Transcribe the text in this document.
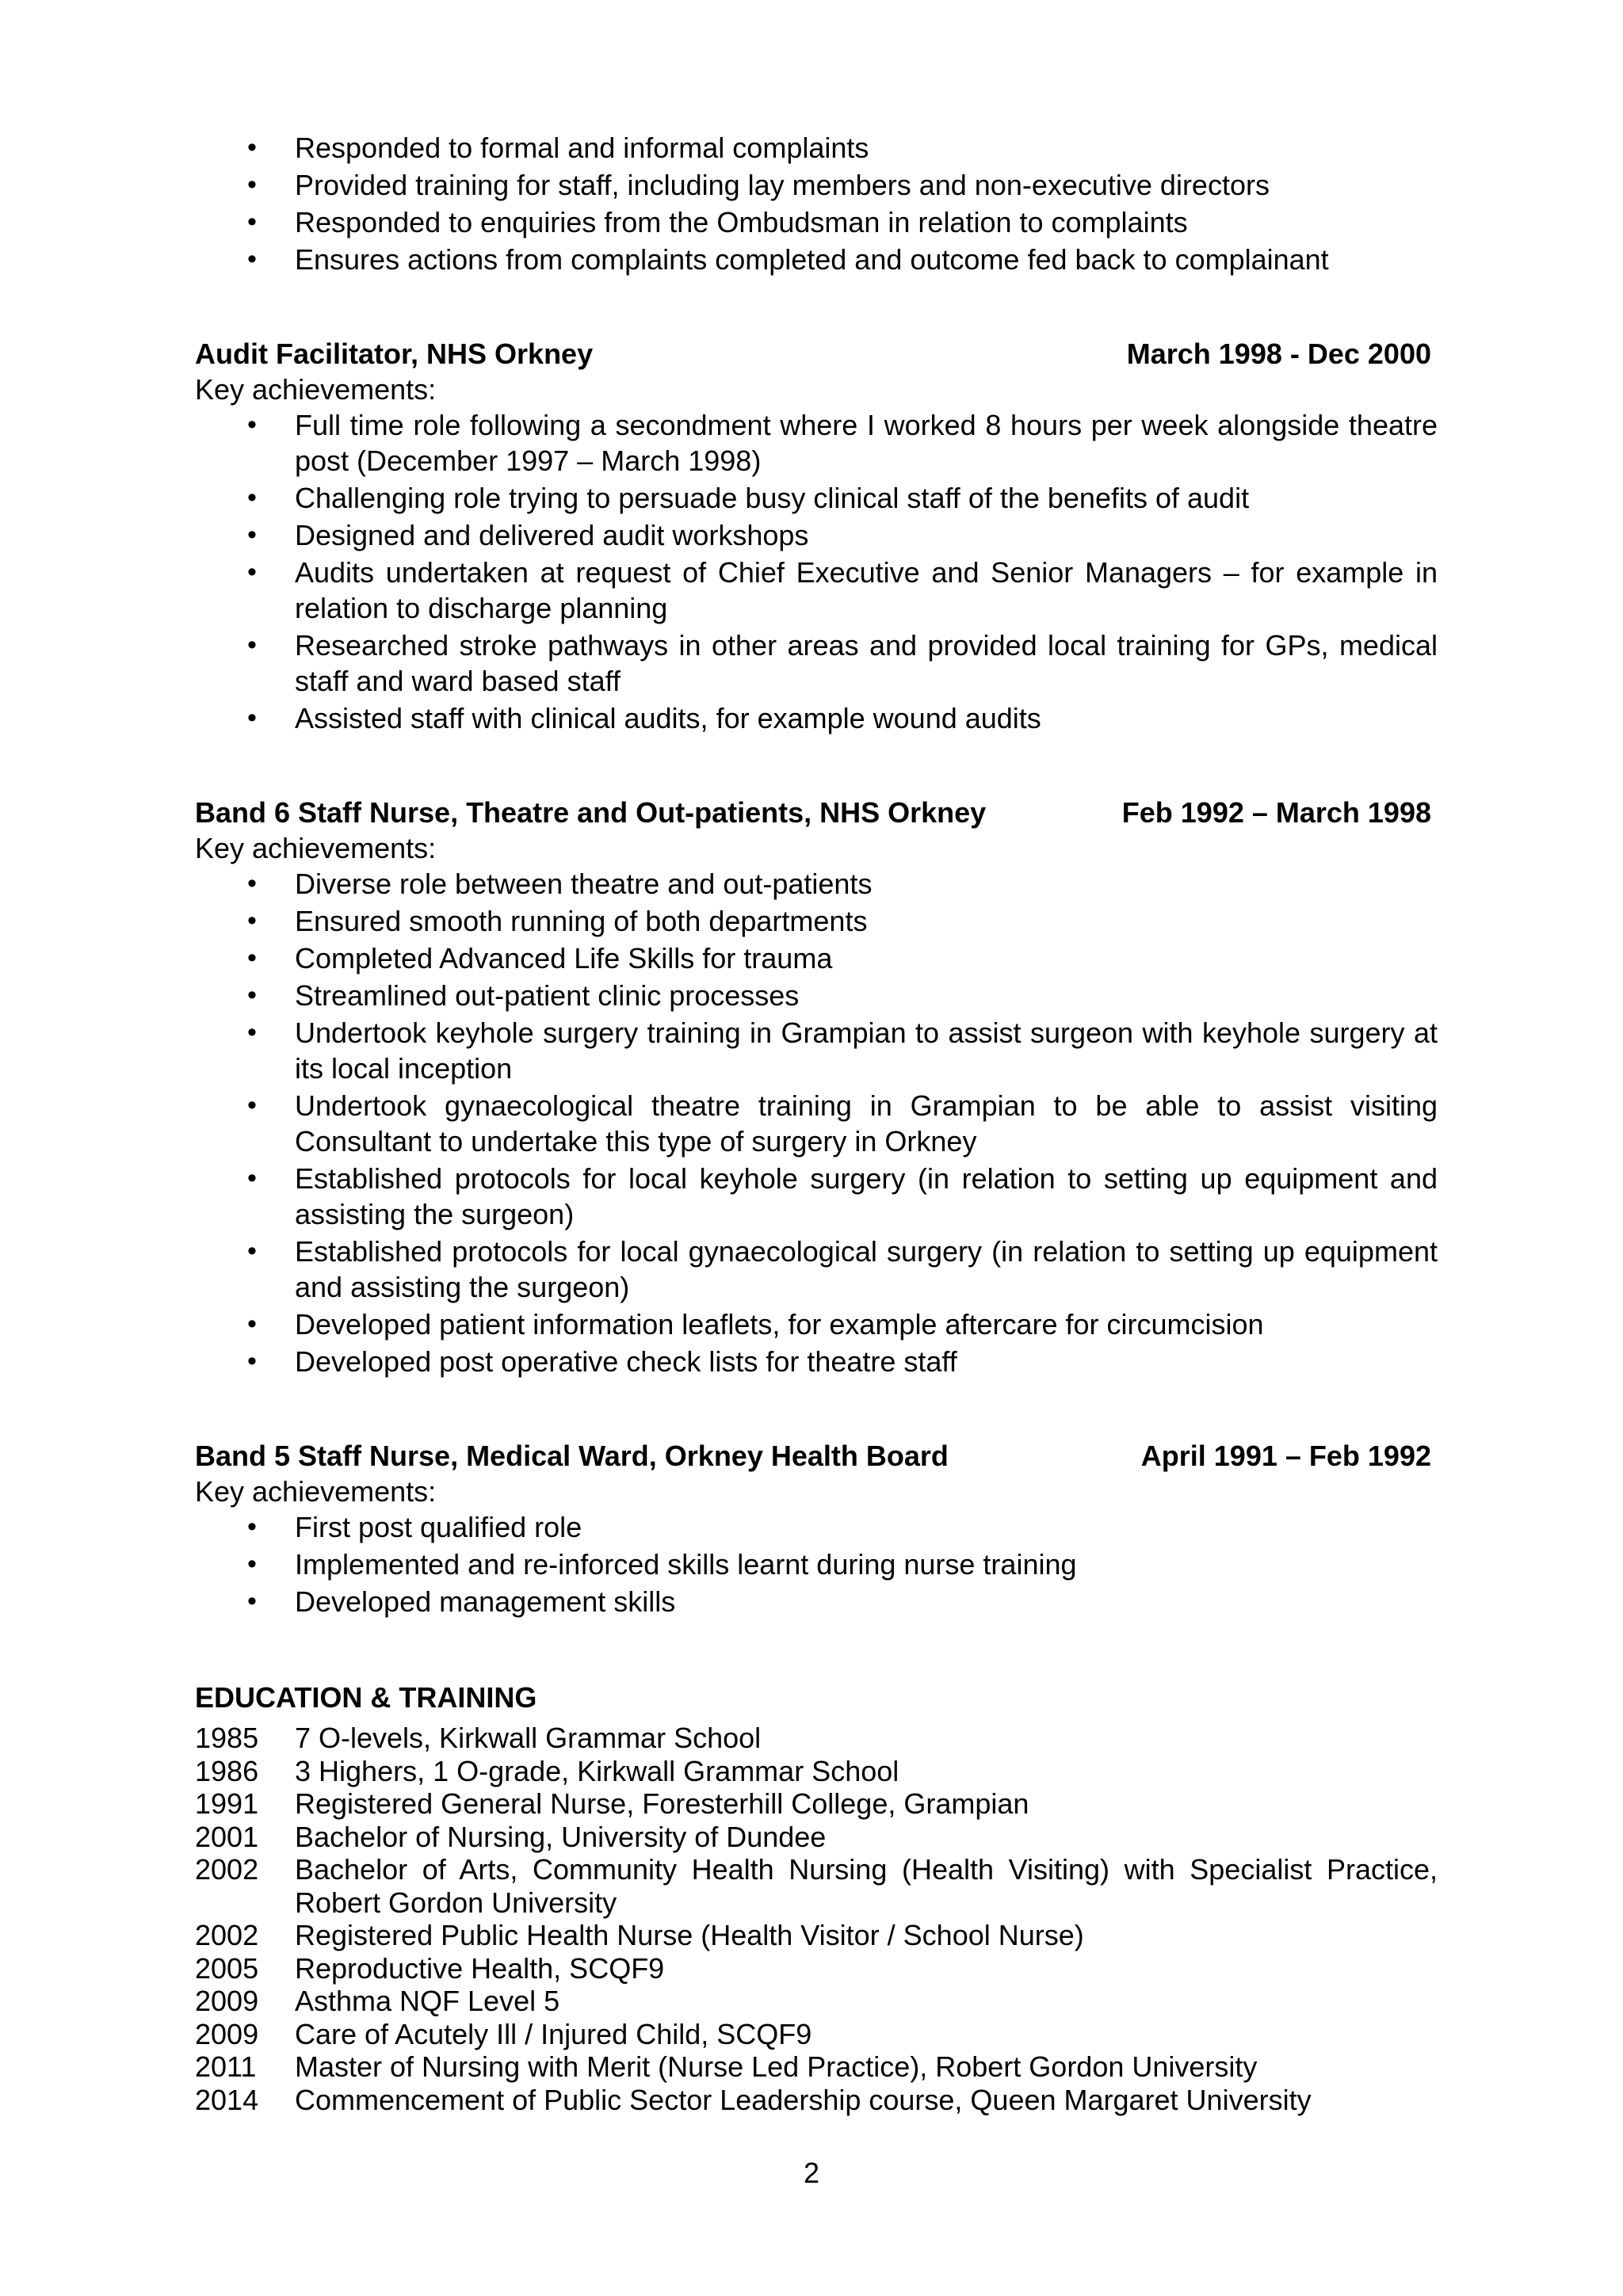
•	Responded to formal and informal complaints
•	Provided training for staff, including lay members and non-executive directors
•	Responded to enquiries from the Ombudsman in relation to complaints
•	Ensures actions from complaints completed and outcome fed back to complainant
Audit Facilitator, NHS Orkney	March 1998 - Dec 2000
Key achievements:
•	Full time role following a secondment where I worked 8 hours per week alongside theatre post (December 1997 – March 1998)
•	Challenging role trying to persuade busy clinical staff of the benefits of audit
•	Designed and delivered audit workshops
•	Audits undertaken at request of Chief Executive and Senior Managers – for example in relation to discharge planning
•	Researched stroke pathways in other areas and provided local training for GPs, medical staff and ward based staff
•	Assisted staff with clinical audits, for example wound audits
Band 6 Staff Nurse, Theatre and Out-patients, NHS Orkney	Feb 1992 – March 1998
Key achievements:
•	Diverse role between theatre and out-patients
•	Ensured smooth running of both departments
•	Completed Advanced Life Skills for trauma
•	Streamlined out-patient clinic processes
•	Undertook keyhole surgery training in Grampian to assist surgeon with keyhole surgery at its local inception
•	Undertook gynaecological theatre training in Grampian to be able to assist visiting Consultant to undertake this type of surgery in Orkney
•	Established protocols for local keyhole surgery (in relation to setting up equipment and assisting the surgeon)
•	Established protocols for local gynaecological surgery (in relation to setting up equipment and assisting the surgeon)
•	Developed patient information leaflets, for example aftercare for circumcision
•	Developed post operative check lists for theatre staff
Band 5 Staff Nurse, Medical Ward, Orkney Health Board	April 1991 – Feb 1992
Key achievements:
•	First post qualified role
•	Implemented and re-inforced skills learnt during nurse training
•	Developed management skills
EDUCATION & TRAINING
1985	7 O-levels, Kirkwall Grammar School
1986	3 Highers, 1 O-grade, Kirkwall Grammar School
1991	Registered General Nurse, Foresterhill College, Grampian
2001	Bachelor of Nursing, University of Dundee
2002	Bachelor of Arts, Community Health Nursing (Health Visiting) with Specialist Practice, Robert Gordon University
2002	Registered Public Health Nurse (Health Visitor / School Nurse)
2005	Reproductive Health, SCQF9
2009	Asthma NQF Level 5
2009	Care of Acutely Ill / Injured Child, SCQF9
2011	Master of Nursing with Merit (Nurse Led Practice), Robert Gordon University
2014	Commencement of Public Sector Leadership course, Queen Margaret University
2
